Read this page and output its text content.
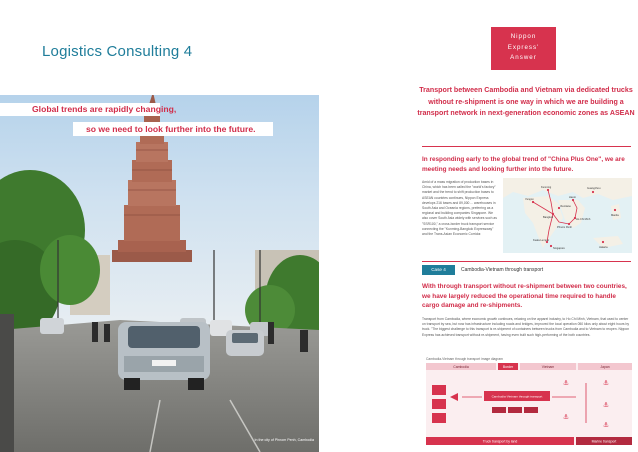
Logistics Consulting 4
Global trends are rapidly changing,
so we need to look further into the future.
In the city of Phnom Penh, Cambodia
Nippon
Express'
Answer
Transport between Cambodia and Vietnam via dedicated trucks without re-shipment is one way in which we are building a transport network in next-generation economic zones as ASEAN
In responding early to the global trend of "China Plus One", we are meeting needs and looking further into the future.
Amid of a mass migration of production bases in China, which has been called the "world's factory" market and the trend to shift production bases to ASEAN countries continues, Nippon Express develops 216 bases and 89,000 ... warehouses in South Asia and Oceania regions, preferring as a regional and building companies Singapore. We also cover South Asia widely with services such as "SSR100," a cross-border truck transport service connecting the "Kunming-Bangkok Expressway" and the Trans-Asian Economic Corridor.
Kunming
Hanoi
Bangkok
Vientiane
Yangon
Phnom Penh
Ho Chi Minh
Kuala Lumpur
Singapore	Jakarta
Manila
Guangzhou
Case 4	Cambodia-Vietnam through transport
With through transport without re-shipment between two countries, we have largely reduced the operational time required to handle cargo damage and re-shipments.
Transport from Cambodia, where economic growth continues, relaxing on the apparel industry, to Ho Chi Minh, Vietnam, that used to center on transport by sea, but now has infrastructure including roads and bridges, improved the local operation 050 kilos only about eight hours by truck. "The biggest challenge to this transport is re-shipment of containers between trucks from Cambodia and to Vietnam to reopen. Nippon Express has achieved transport without re-shipment, having even built such high-performing of the both countries.
Cambodia-Vietnam through transport image diagram
Cambodia	Border	Vietnam	Japan
Cambodia-Vietnam through transport
⚓
⚓
⚓
⚓
⚓
Truck transport by land	Marine transport
